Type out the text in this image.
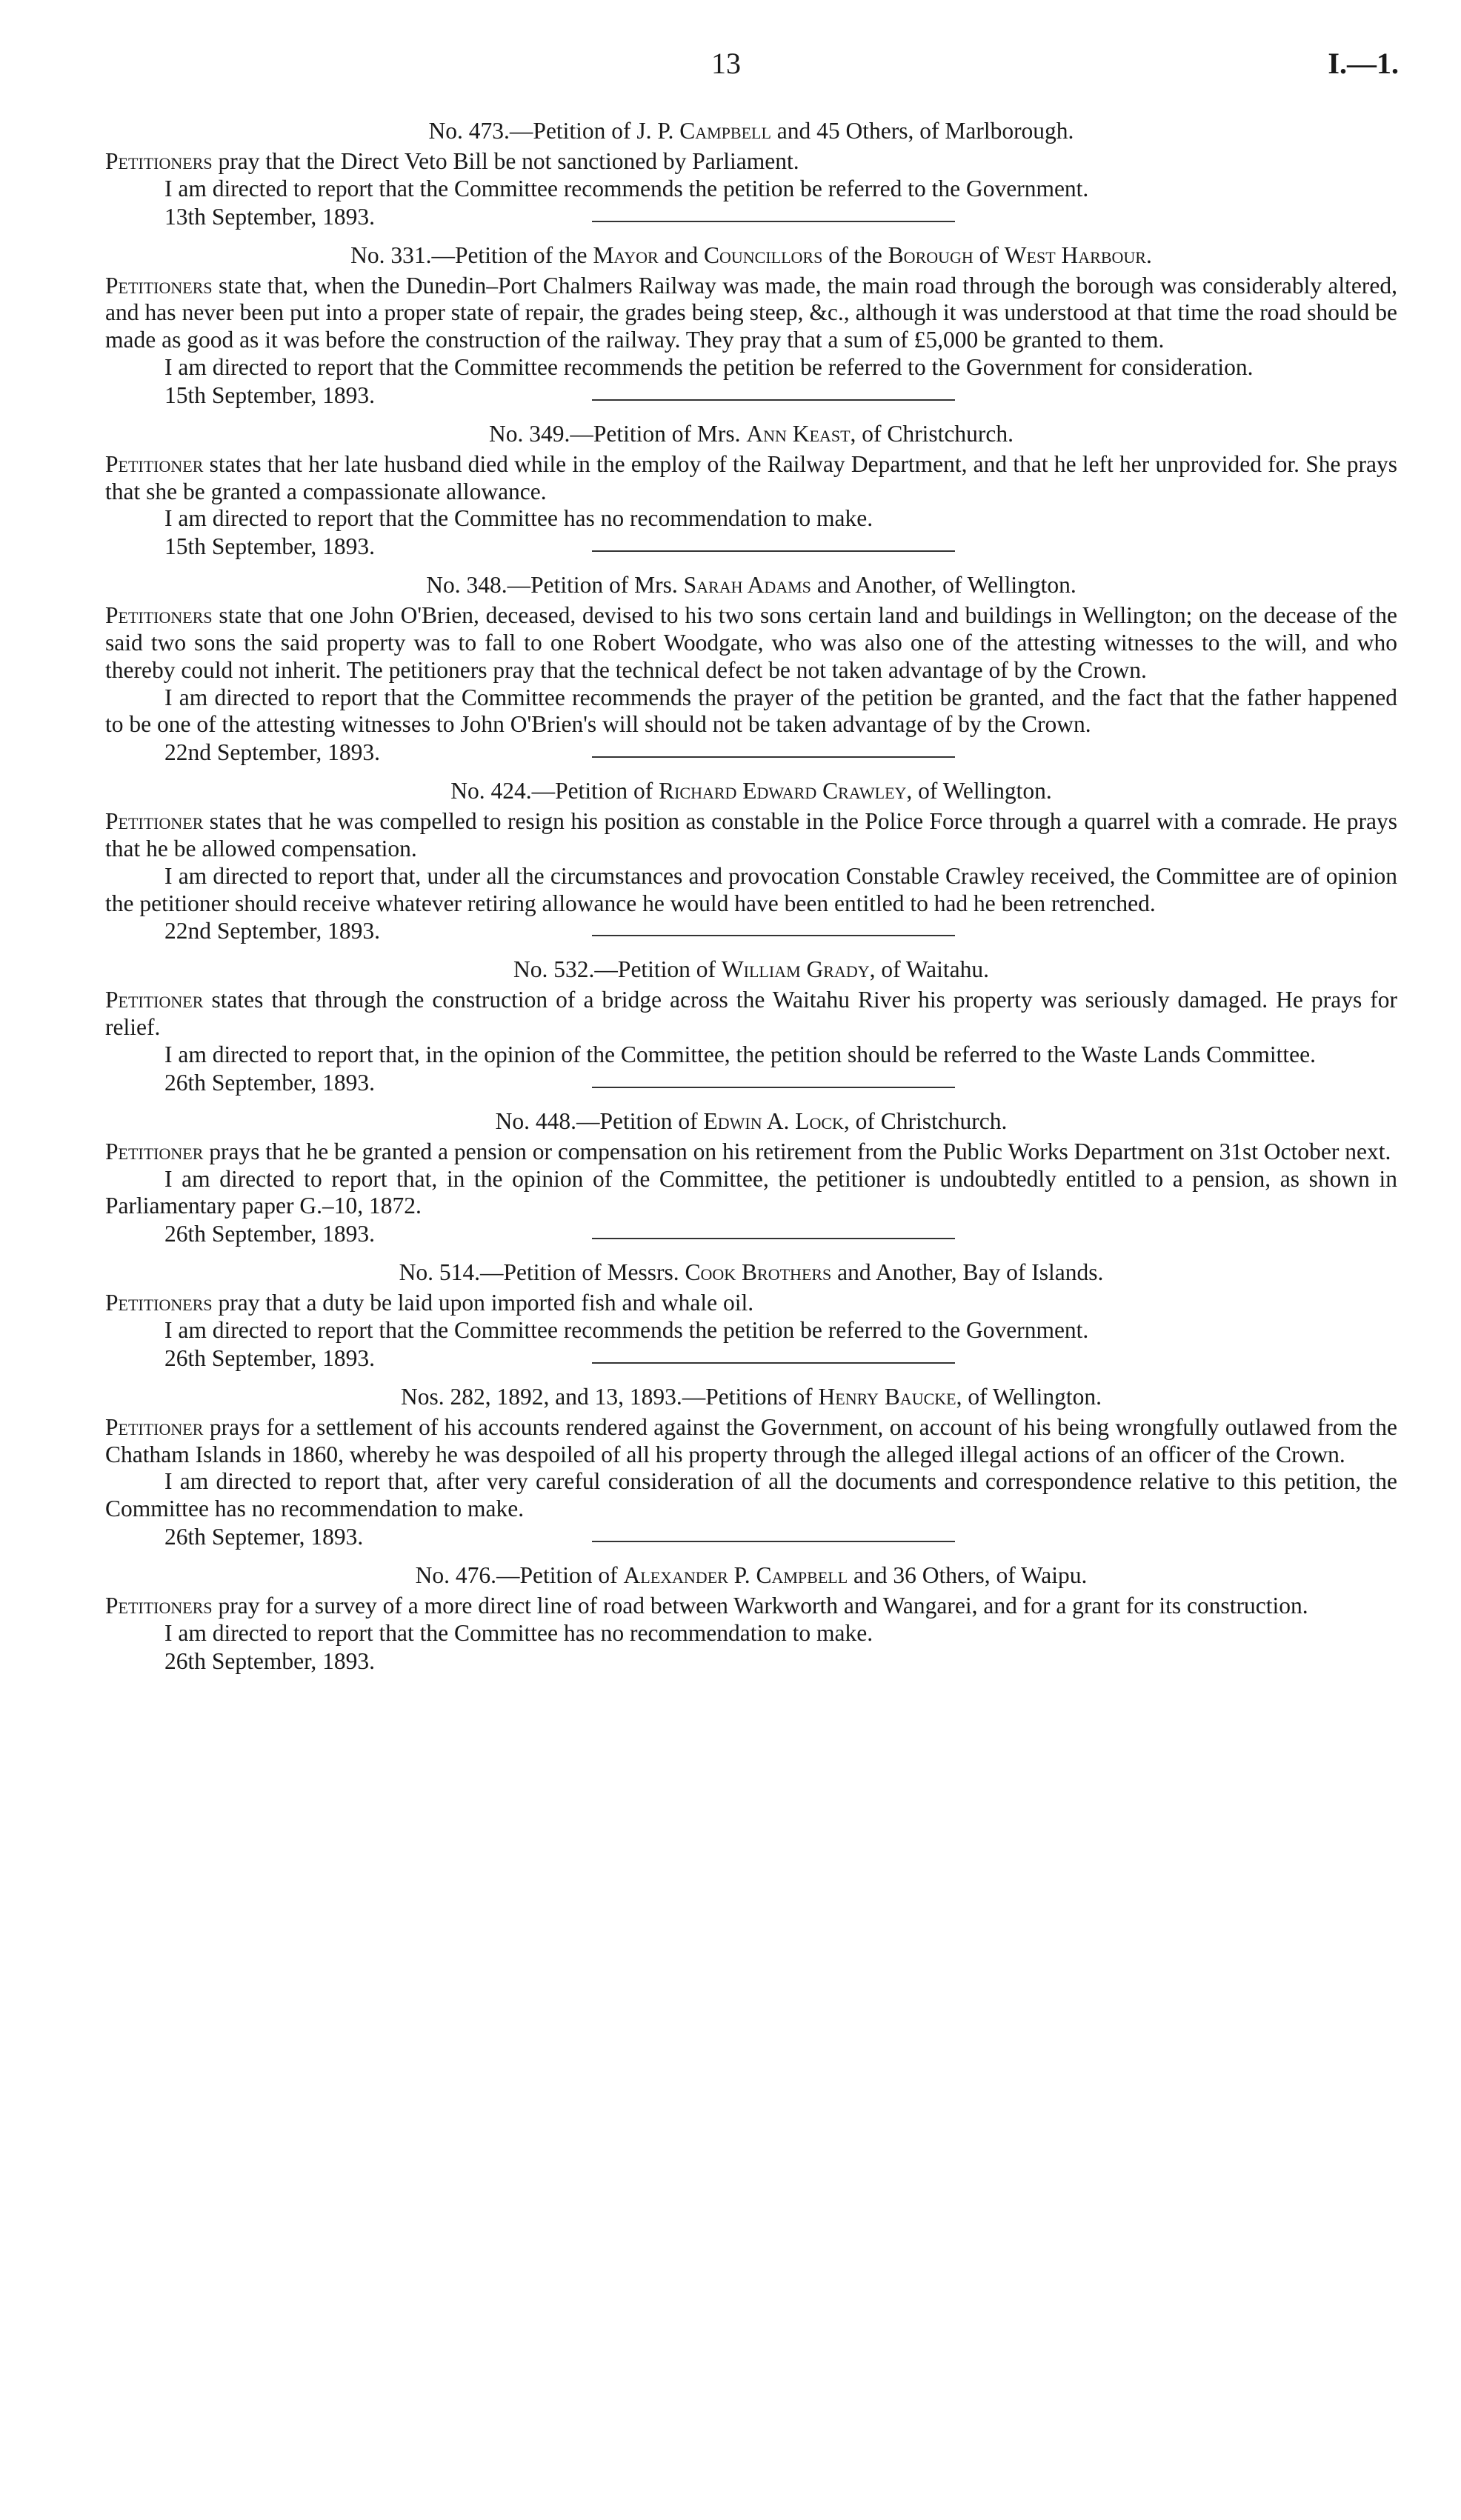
13	I.—1.

No. 473.—Petition of J. P. Campbell and 45 Others, of Marlborough.

Petitioners pray that the Direct Veto Bill be not sanctioned by Parliament.

I am directed to report that the Committee recommends the petition be referred to the Government.

13th September, 1893.

No. 331.—Petition of the Mayor and Councillors of the Borough of West Harbour.

Petitioners state that, when the Dunedin–Port Chalmers Railway was made, the main road through the borough was considerably altered, and has never been put into a proper state of repair, the grades being steep, &c., although it was understood at that time the road should be made as good as it was before the construction of the railway. They pray that a sum of £5,000 be granted to them.

I am directed to report that the Committee recommends the petition be referred to the Government for consideration.

15th September, 1893.

No. 349.—Petition of Mrs. Ann Keast, of Christchurch.

Petitioner states that her late husband died while in the employ of the Railway Department, and that he left her unprovided for. She prays that she be granted a compassionate allowance.

I am directed to report that the Committee has no recommendation to make.

15th September, 1893.

No. 348.—Petition of Mrs. Sarah Adams and Another, of Wellington.

Petitioners state that one John O'Brien, deceased, devised to his two sons certain land and buildings in Wellington; on the decease of the said two sons the said property was to fall to one Robert Woodgate, who was also one of the attesting witnesses to the will, and who thereby could not inherit. The petitioners pray that the technical defect be not taken advantage of by the Crown.

I am directed to report that the Committee recommends the prayer of the petition be granted, and the fact that the father happened to be one of the attesting witnesses to John O'Brien's will should not be taken advantage of by the Crown.

22nd September, 1893.

No. 424.—Petition of Richard Edward Crawley, of Wellington.

Petitioner states that he was compelled to resign his position as constable in the Police Force through a quarrel with a comrade. He prays that he be allowed compensation.

I am directed to report that, under all the circumstances and provocation Constable Crawley received, the Committee are of opinion the petitioner should receive whatever retiring allowance he would have been entitled to had he been retrenched.

22nd September, 1893.

No. 532.—Petition of William Grady, of Waitahu.

Petitioner states that through the construction of a bridge across the Waitahu River his property was seriously damaged. He prays for relief.

I am directed to report that, in the opinion of the Committee, the petition should be referred to the Waste Lands Committee.

26th September, 1893.

No. 448.—Petition of Edwin A. Lock, of Christchurch.

Petitioner prays that he be granted a pension or compensation on his retirement from the Public Works Department on 31st October next.

I am directed to report that, in the opinion of the Committee, the petitioner is undoubtedly entitled to a pension, as shown in Parliamentary paper G.–10, 1872.

26th September, 1893.

No. 514.—Petition of Messrs. Cook Brothers and Another, Bay of Islands.

Petitioners pray that a duty be laid upon imported fish and whale oil.

I am directed to report that the Committee recommends the petition be referred to the Government.

26th September, 1893.

Nos. 282, 1892, and 13, 1893.—Petitions of Henry Baucke, of Wellington.

Petitioner prays for a settlement of his accounts rendered against the Government, on account of his being wrongfully outlawed from the Chatham Islands in 1860, whereby he was despoiled of all his property through the alleged illegal actions of an officer of the Crown.

I am directed to report that, after very careful consideration of all the documents and correspondence relative to this petition, the Committee has no recommendation to make.

26th Septemer, 1893.

No. 476.—Petition of Alexander P. Campbell and 36 Others, of Waipu.

Petitioners pray for a survey of a more direct line of road between Warkworth and Wangarei, and for a grant for its construction.

I am directed to report that the Committee has no recommendation to make.

26th September, 1893.
